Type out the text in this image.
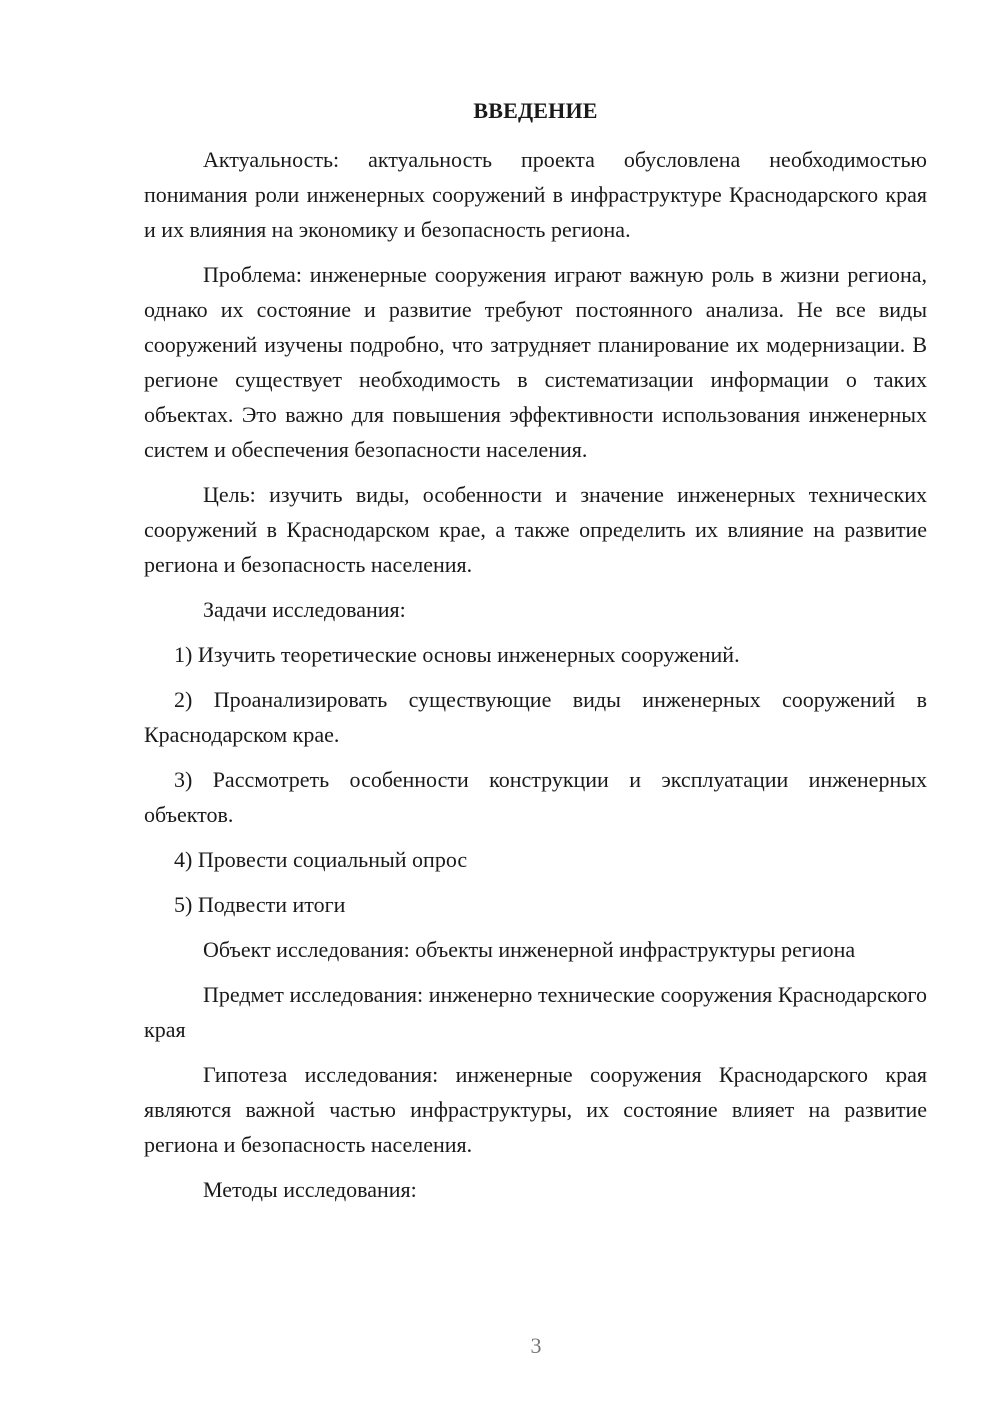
ВВЕДЕНИЕ

Актуальность: актуальность проекта обусловлена необходимостью понимания роли инженерных сооружений в инфраструктуре Краснодарского края и их влияния на экономику и безопасность региона.

Проблема: инженерные сооружения играют важную роль в жизни региона, однако их состояние и развитие требуют постоянного анализа. Не все виды сооружений изучены подробно, что затрудняет планирование их модернизации. В регионе существует необходимость в систематизации информации о таких объектах. Это важно для повышения эффективности использования инженерных систем и обеспечения безопасности населения.

Цель: изучить виды, особенности и значение инженерных технических сооружений в Краснодарском крае, а также определить их влияние на развитие региона и безопасность населения.

Задачи исследования:

1) Изучить теоретические основы инженерных сооружений.

2) Проанализировать существующие виды инженерных сооружений в Краснодарском крае.

3) Рассмотреть особенности конструкции и эксплуатации инженерных объектов.

4) Провести социальный опрос

5) Подвести итоги

Объект исследования: объекты инженерной инфраструктуры региона

Предмет исследования: инженерно технические сооружения Краснодарского края

Гипотеза исследования: инженерные сооружения Краснодарского края являются важной частью инфраструктуры, их состояние влияет на развитие региона и безопасность населения.

Методы исследования:

3
